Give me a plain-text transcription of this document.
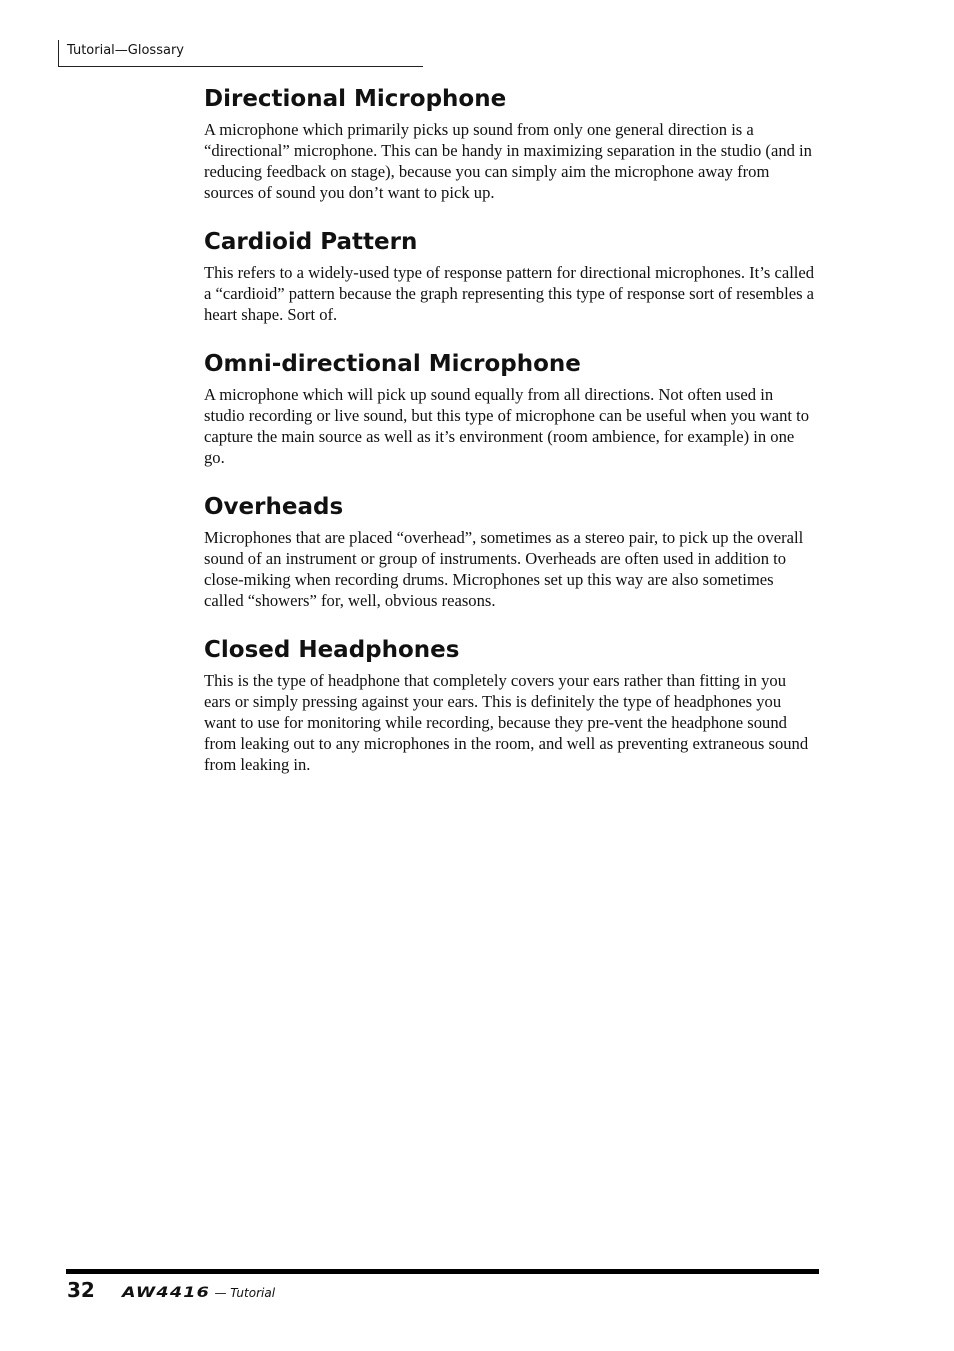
Tutorial—Glossary
Directional Microphone

A microphone which primarily picks up sound from only one general direction is a “directional” microphone. This can be handy in maximizing separation in the studio (and in reducing feedback on stage), because you can simply aim the microphone away from sources of sound you don’t want to pick up.

Cardioid Pattern

This refers to a widely-used type of response pattern for directional microphones. It’s called a “cardioid” pattern because the graph representing this type of response sort of resembles a heart shape. Sort of.

Omni-directional Microphone

A microphone which will pick up sound equally from all directions. Not often used in studio recording or live sound, but this type of microphone can be useful when you want to capture the main source as well as it’s environment (room ambience, for example) in one go.

Overheads

Microphones that are placed “overhead”, sometimes as a stereo pair, to pick up the overall sound of an instrument or group of instruments. Overheads are often used in addition to close-miking when recording drums. Microphones set up this way are also sometimes called “showers” for, well, obvious reasons.

Closed Headphones

This is the type of headphone that completely covers your ears rather than fitting in you ears or simply pressing against your ears. This is definitely the type of headphones you want to use for monitoring while recording, because they pre-vent the headphone sound from leaking out to any microphones in the room, and well as preventing extraneous sound from leaking in.

32 AW4416 — Tutorial
